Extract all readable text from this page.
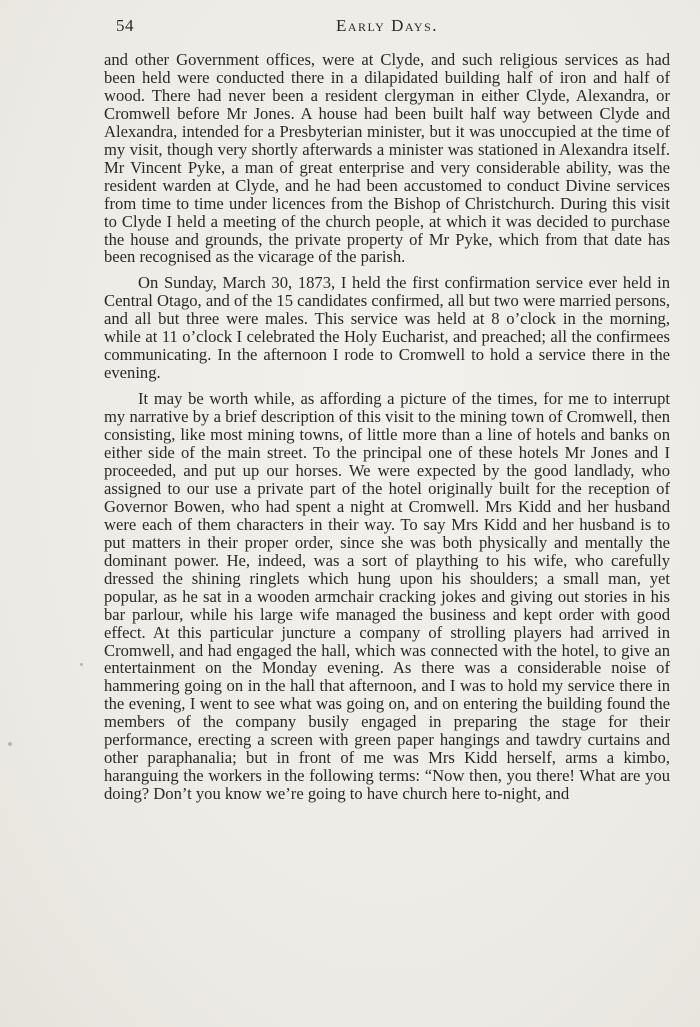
54	Early Days.

and other Government offices, were at Clyde, and such religious services as had been held were conducted there in a dilapidated building half of iron and half of wood. There had never been a resident clergyman in either Clyde, Alexandra, or Cromwell before Mr Jones. A house had been built half way between Clyde and Alexandra, intended for a Presbyterian minister, but it was unoccupied at the time of my visit, though very shortly afterwards a minister was stationed in Alexandra itself. Mr Vincent Pyke, a man of great enterprise and very considerable ability, was the resident warden at Clyde, and he had been accustomed to conduct Divine services from time to time under licences from the Bishop of Christchurch. During this visit to Clyde I held a meeting of the church people, at which it was decided to purchase the house and grounds, the private property of Mr Pyke, which from that date has been recognised as the vicarage of the parish.

On Sunday, March 30, 1873, I held the first confirmation service ever held in Central Otago, and of the 15 candidates confirmed, all but two were married persons, and all but three were males. This service was held at 8 o’clock in the morning, while at 11 o’clock I celebrated the Holy Eucharist, and preached; all the confirmees communicating. In the afternoon I rode to Cromwell to hold a service there in the evening.

It may be worth while, as affording a picture of the times, for me to interrupt my narrative by a brief description of this visit to the mining town of Cromwell, then consisting, like most mining towns, of little more than a line of hotels and banks on either side of the main street. To the principal one of these hotels Mr Jones and I proceeded, and put up our horses. We were expected by the good landlady, who assigned to our use a private part of the hotel originally built for the reception of Governor Bowen, who had spent a night at Cromwell. Mrs Kidd and her husband were each of them characters in their way. To say Mrs Kidd and her husband is to put matters in their proper order, since she was both physically and mentally the dominant power. He, indeed, was a sort of plaything to his wife, who carefully dressed the shining ringlets which hung upon his shoulders; a small man, yet popular, as he sat in a wooden armchair cracking jokes and giving out stories in his bar parlour, while his large wife managed the business and kept order with good effect. At this particular juncture a company of strolling players had arrived in Cromwell, and had engaged the hall, which was connected with the hotel, to give an entertainment on the Monday evening. As there was a considerable noise of hammering going on in the hall that afternoon, and I was to hold my service there in the evening, I went to see what was going on, and on entering the building found the members of the company busily engaged in preparing the stage for their performance, erecting a screen with green paper hangings and tawdry curtains and other paraphanalia; but in front of me was Mrs Kidd herself, arms a kimbo, haranguing the workers in the following terms: “Now then, you there! What are you doing? Don’t you know we’re going to have church here to-night, and
